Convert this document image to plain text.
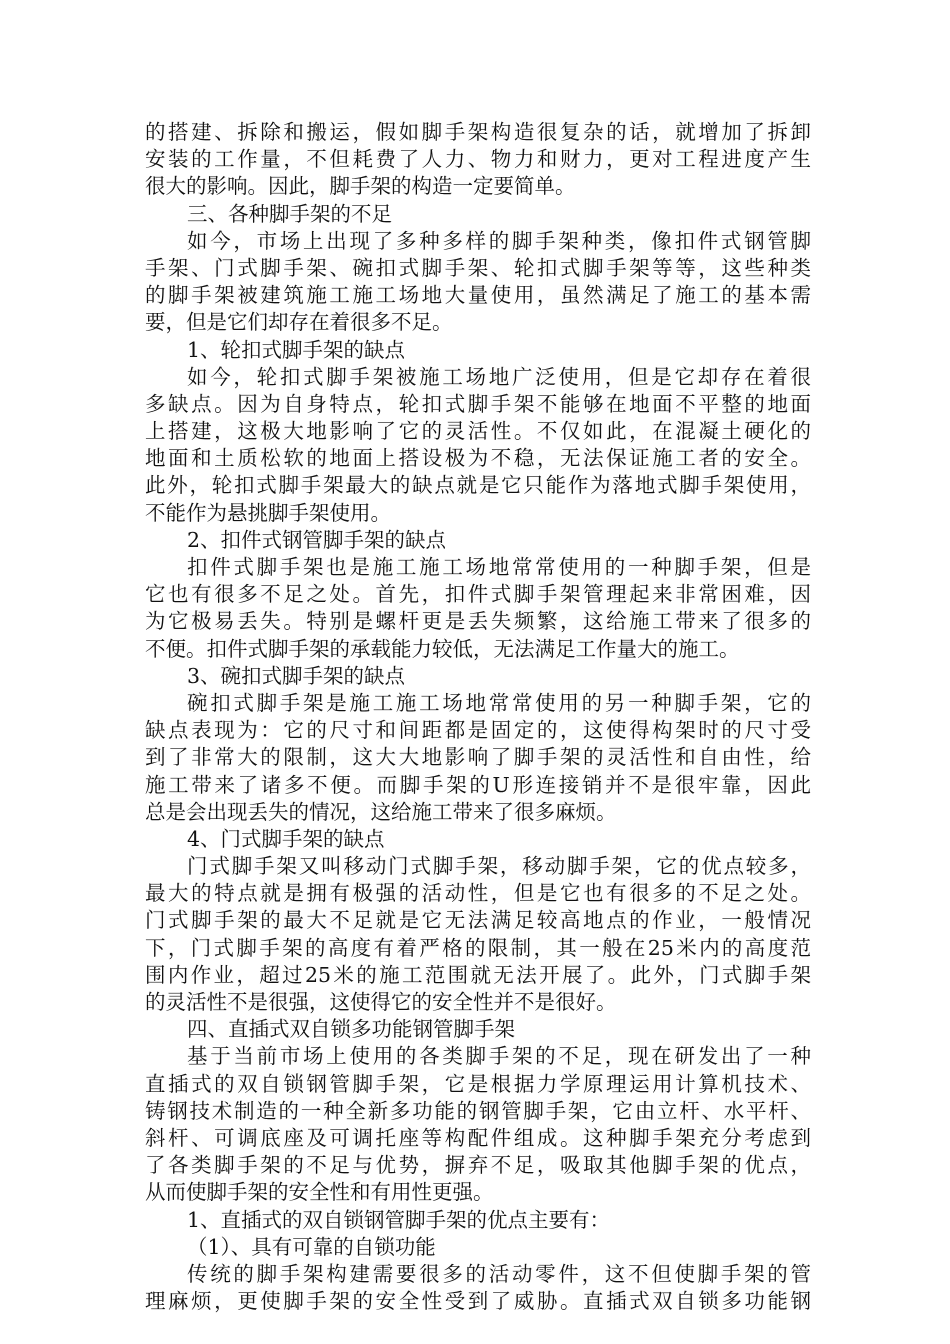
的搭建、拆除和搬运，假如脚手架构造很复杂的话，就增加了拆卸
安装的工作量，不但耗费了人力、物力和财力，更对工程进度产生
很大的影响。因此，脚手架的构造一定要简单。
三、各种脚手架的不足
如今，市场上出现了多种多样的脚手架种类，像扣件式钢管脚
手架、门式脚手架、碗扣式脚手架、轮扣式脚手架等等，这些种类
的脚手架被建筑施工施工场地大量使用，虽然满足了施工的基本需
要，但是它们却存在着很多不足。
1、轮扣式脚手架的缺点
如今，轮扣式脚手架被施工场地广泛使用，但是它却存在着很
多缺点。因为自身特点，轮扣式脚手架不能够在地面不平整的地面
上搭建，这极大地影响了它的灵活性。不仅如此，在混凝土硬化的
地面和土质松软的地面上搭设极为不稳，无法保证施工者的安全。
此外，轮扣式脚手架最大的缺点就是它只能作为落地式脚手架使用，
不能作为悬挑脚手架使用。
2、扣件式钢管脚手架的缺点
扣件式脚手架也是施工施工场地常常使用的一种脚手架，但是
它也有很多不足之处。首先，扣件式脚手架管理起来非常困难，因
为它极易丢失。特别是螺杆更是丢失频繁，这给施工带来了很多的
不便。扣件式脚手架的承载能力较低，无法满足工作量大的施工。
3、碗扣式脚手架的缺点
碗扣式脚手架是施工施工场地常常使用的另一种脚手架，它的
缺点表现为：它的尺寸和间距都是固定的，这使得构架时的尺寸受
到了非常大的限制，这大大地影响了脚手架的灵活性和自由性，给
施工带来了诸多不便。而脚手架的U形连接销并不是很牢靠，因此
总是会出现丢失的情况，这给施工带来了很多麻烦。
4、门式脚手架的缺点
门式脚手架又叫移动门式脚手架，移动脚手架，它的优点较多，
最大的特点就是拥有极强的活动性，但是它也有很多的不足之处。
门式脚手架的最大不足就是它无法满足较高地点的作业，一般情况
下，门式脚手架的高度有着严格的限制，其一般在25米内的高度范
围内作业，超过25米的施工范围就无法开展了。此外，门式脚手架
的灵活性不是很强，这使得它的安全性并不是很好。
四、直插式双自锁多功能钢管脚手架
基于当前市场上使用的各类脚手架的不足，现在研发出了一种
直插式的双自锁钢管脚手架，它是根据力学原理运用计算机技术、
铸钢技术制造的一种全新多功能的钢管脚手架，它由立杆、水平杆、
斜杆、可调底座及可调托座等构配件组成。这种脚手架充分考虑到
了各类脚手架的不足与优势，摒弃不足，吸取其他脚手架的优点，
从而使脚手架的安全性和有用性更强。
1、直插式的双自锁钢管脚手架的优点主要有：
（1）、具有可靠的自锁功能
传统的脚手架构建需要很多的活动零件，这不但使脚手架的管
理麻烦，更使脚手架的安全性受到了威胁。直插式双自锁多功能钢
